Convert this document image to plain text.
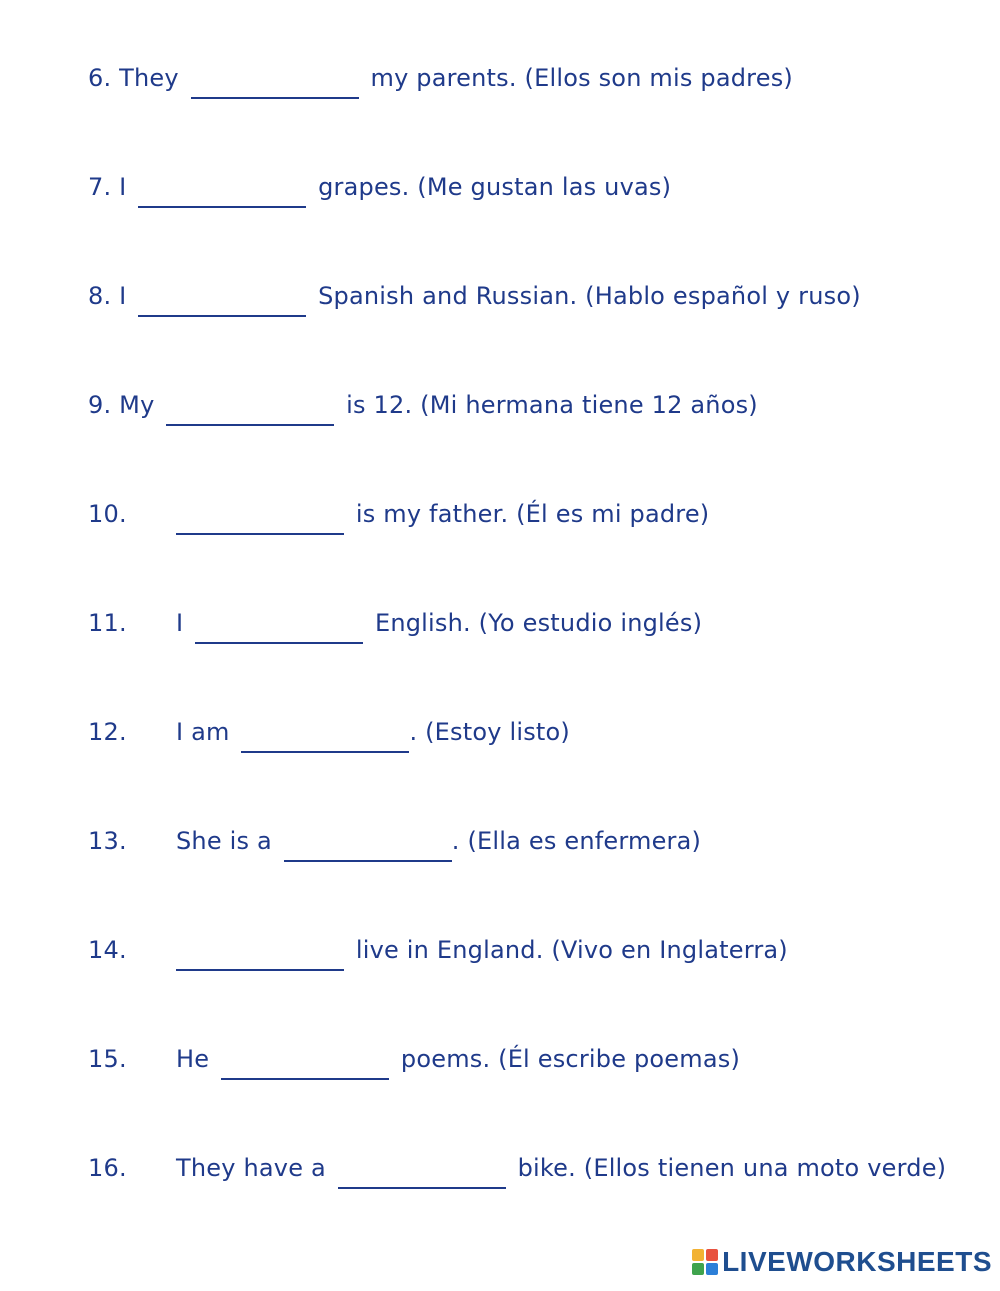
6. They	my parents. (Ellos son mis padres)
7. I	grapes. (Me gustan las uvas)
8. I	Spanish and Russian. (Hablo español y ruso)
9. My	is 12. (Mi hermana tiene 12 años)
10.	is my father. (Él es mi padre)
11. I	English. (Yo estudio inglés)
12. I am	. (Estoy listo)
13. She is a	. (Ella es enfermera)
14.	live in England. (Vivo en Inglaterra)
15. He	poems. (Él escribe poemas)
16. They have a	bike. (Ellos tienen una moto verde)
LIVEWORKSHEETS
